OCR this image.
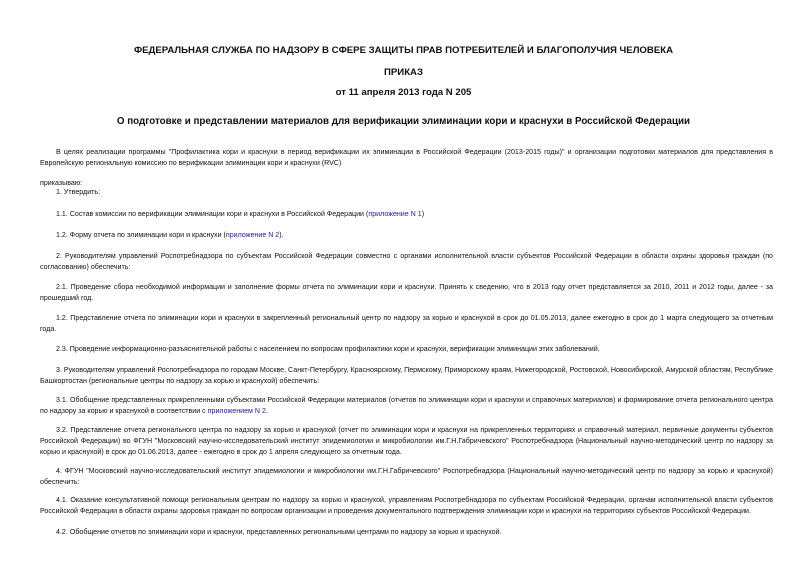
ФЕДЕРАЛЬНАЯ СЛУЖБА ПО НАДЗОРУ В СФЕРЕ ЗАЩИТЫ ПРАВ ПОТРЕБИТЕЛЕЙ И БЛАГОПОЛУЧИЯ ЧЕЛОВЕКА
ПРИКАЗ
от 11 апреля 2013 года N 205
О подготовке и представлении материалов для верификации элиминации кори и краснухи в Российской Федерации
В целях реализации программы "Профилактика кори и краснухи в период верификации их элиминации в Российской Федерации (2013-2015 годы)" и организации подготовки материалов для представления в Европейскую региональную комиссию по верификации элиминации кори и краснухи (RVC)
приказываю:
1. Утвердить:
1.1. Состав комиссии по верификации элиминации кори и краснухи в Российской Федерации (приложение N 1)
1.2. Форму отчета по элиминации кори и краснухи (приложение N 2).
2. Руководителям управлений Роспотребнадзора по субъектам Российской Федерации совместно с органами исполнительной власти субъектов Российской Федерации в области охраны здоровья граждан (по согласованию) обеспечить:
2.1. Проведение сбора необходимой информации и заполнение формы отчета по элиминации кори и краснухи. Принять к сведению, что в 2013 году отчет представляется за 2010, 2011 и 2012 годы, далее - за прошедший год.
1.2. Представление отчета по элиминации кори и краснухи в закрепленный региональный центр по надзору за корью и краснухой в срок до 01.05.2013, далее ежегодно в срок до 1 марта следующего за отчетным года.
2.3. Проведение информационно-разъяснительной работы с населением по вопросам профилактики кори и краснухи, верификации элиминации этих заболеваний.
3. Руководителям управлений Роспотребнадзора по городам Москве, Санкт-Петербургу, Красноярскому, Пермскому, Приморскому краям, Нижегородской, Ростовской, Новосибирской, Амурской областям, Республике Башкортостан (региональные центры по надзору за корью и краснухой) обеспечить:
3.1. Обобщение представленных прикрепленными субъектами Российской Федерации материалов (отчетов по элиминации кори и краснухи и справочных материалов) и формирование отчета регионального центра по надзору за корью и краснухой в соответствии с приложением N 2.
3.2. Представление отчета регионального центра по надзору за корью и краснухой (отчет по элиминации кори и краснухи на прикрепленных территориях и справочный материал, первичные документы субъектов Российской Федерации) во ФГУН "Московский научно-исследовательский институт эпидемиологии и микробиологии им.Г.Н.Габричевского" Роспотребнадзора (Национальный научно-методический центр по надзору за корью и краснухой) в срок до 01.06.2013, далее - ежегодно в срок до 1 апреля следующего за отчетным года.
4. ФГУН "Московский научно-исследовательский институт эпидемиологии и микробиологии им.Г.Н.Габричевского" Роспотребнадзора (Национальный научно-методический центр по надзору за корью и краснухой) обеспечить:
4.1. Оказание консультативной помощи региональным центрам по надзору за корью и краснухой, управлениям Роспотребнадзора по субъектам Российской Федерации, органам исполнительной власти субъектов Российской Федерации в области охраны здоровья граждан по вопросам организации и проведения документального подтверждения элиминации кори и краснухи на территориях субъектов Российской Федерации.
4.2. Обобщение отчетов по элиминации кори и краснухи, представленных региональными центрами по надзору за корью и краснухой.
